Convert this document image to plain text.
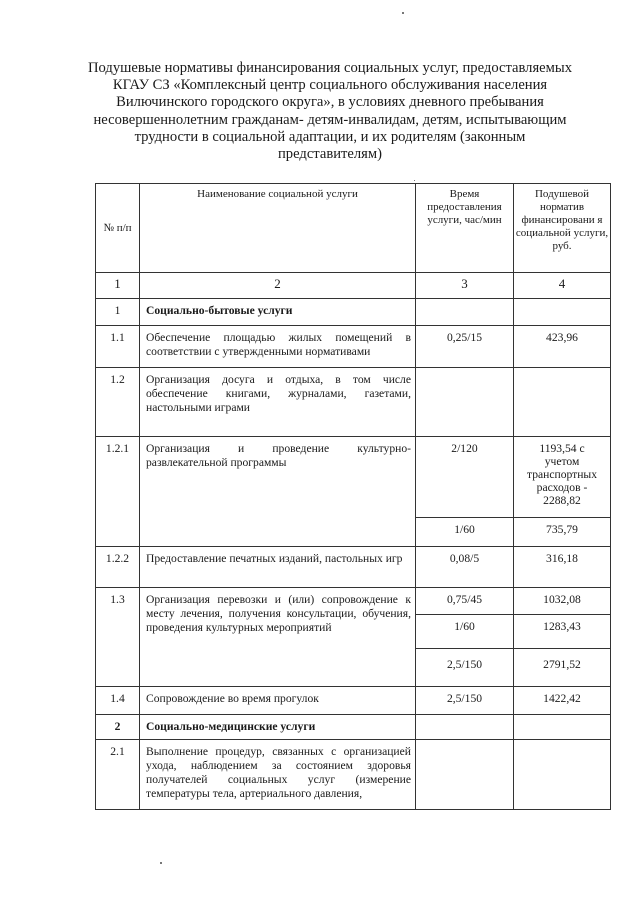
Подушевые нормативы финансирования социальных услуг, предоставляемых
КГАУ СЗ «Комплексный центр социального обслуживания населения
Вилючинского городского округа», в условиях дневного пребывания
несовершеннолетним гражданам- детям-инвалидам, детям, испытывающим
трудности в социальной адаптации, и их родителям (законным
представителям)
№ п/п	Наименование социальной услуги	Время предоставления услуги, час/мин	Подушевой норматив финансировани я социальной услуги, руб.
1	2	3	4
1	Социально-бытовые услуги		
1.1	Обеспечение площадью жилых помещений в соответствии с утвержденными нормативами	0,25/15	423,96
1.2	Организация досуга и отдыха, в том числе обеспечение книгами, журналами, газетами, настольными играми		
1.2.1	Организация и проведение культурно-развлекательной программы	2/120	1193,54 с учетом транспортных расходов - 2288,82
		1/60	735,79
1.2.2	Предоставление печатных изданий, пастольных игр	0,08/5	316,18
1.3	Организация перевозки и (или) сопровождение к месту лечения, получения консультации, обучения, проведения культурных мероприятий	0,75/45	1032,08
		1/60	1283,43
		2,5/150	2791,52
1.4	Сопровождение во время прогулок	2,5/150	1422,42
2	Социально-медицинские услуги		
2.1	Выполнение процедур, связанных с организацией ухода, наблюдением за состоянием здоровья получателей социальных услуг (измерение температуры тела, артериального давления,		
